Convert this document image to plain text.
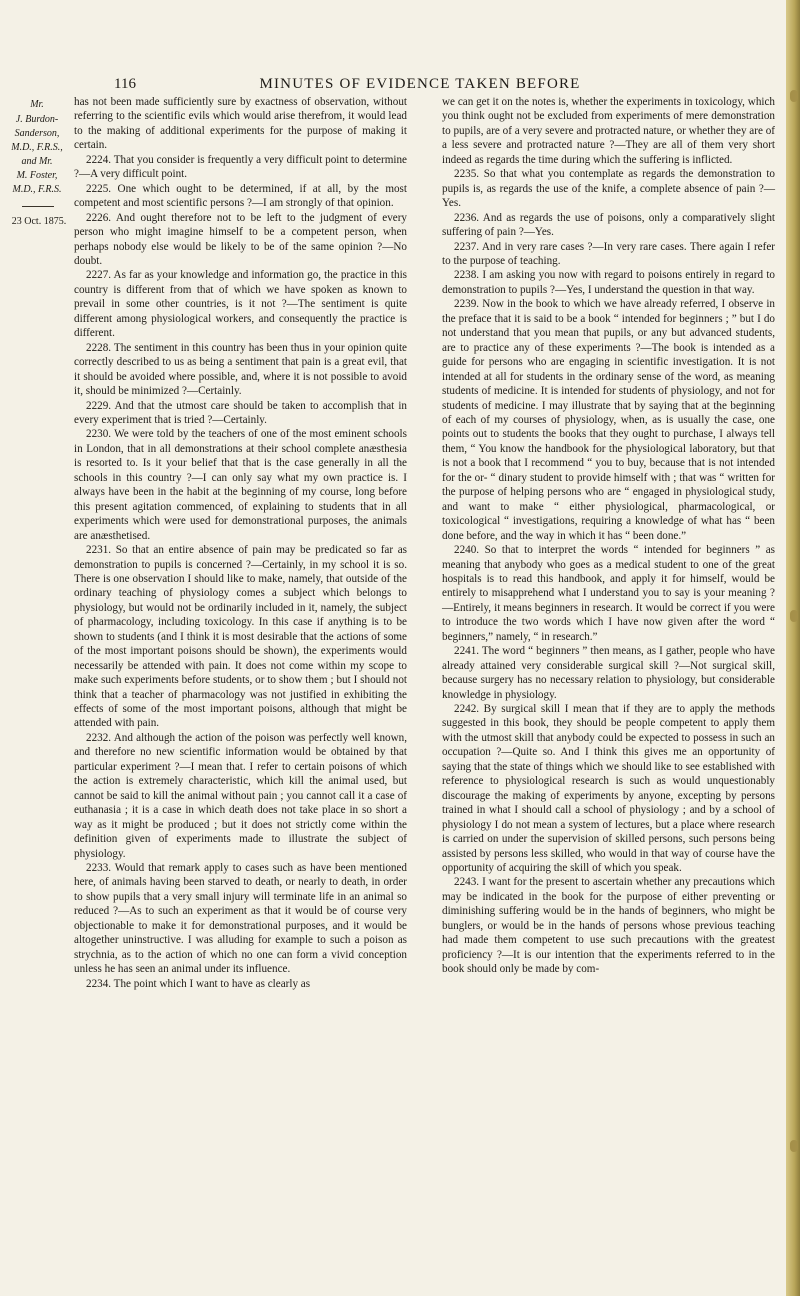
116	MINUTES OF EVIDENCE TAKEN BEFORE
Mr.
J. Burdon-
Sanderson,
M.D., F.R.S.,
and Mr.
M. Foster,
M.D., F.R.S.
23 Oct. 1875.

has not been made sufficiently sure by exactness of observation, without referring to the scientific evils which would arise therefrom, it would lead to the making of additional experiments for the purpose of making it certain.

2224. That you consider is frequently a very difficult point to determine ?—A very difficult point.

2225. One which ought to be determined, if at all, by the most competent and most scientific persons ?—I am strongly of that opinion.

2226. And ought therefore not to be left to the judgment of every person who might imagine himself to be a competent person, when perhaps nobody else would be likely to be of the same opinion ?—No doubt.

2227. As far as your knowledge and information go, the practice in this country is different from that of which we have spoken as known to prevail in some other countries, is it not ?—The sentiment is quite different among physiological workers, and consequently the practice is different.

2228. The sentiment in this country has been thus in your opinion quite correctly described to us as being a sentiment that pain is a great evil, that it should be avoided where possible, and, where it is not possible to avoid it, should be minimized ?—Certainly.

2229. And that the utmost care should be taken to accomplish that in every experiment that is tried ?—Certainly.

2230. We were told by the teachers of one of the most eminent schools in London, that in all demonstrations at their school complete anæsthesia is resorted to. Is it your belief that that is the case generally in all the schools in this country ?—I can only say what my own practice is. I always have been in the habit at the beginning of my course, long before this present agitation commenced, of explaining to students that in all experiments which were used for demonstrational purposes, the animals are anæsthetised.

2231. So that an entire absence of pain may be predicated so far as demonstration to pupils is concerned ?—Certainly, in my school it is so. There is one observation I should like to make, namely, that outside of the ordinary teaching of physiology comes a subject which belongs to physiology, but would not be ordinarily included in it, namely, the subject of pharmacology, including toxicology. In this case if anything is to be shown to students (and I think it is most desirable that the actions of some of the most important poisons should be shown), the experiments would necessarily be attended with pain. It does not come within my scope to make such experiments before students, or to show them ; but I should not think that a teacher of pharmacology was not justified in exhibiting the effects of some of the most important poisons, although that might be attended with pain.

2232. And although the action of the poison was perfectly well known, and therefore no new scientific information would be obtained by that particular experiment ?—I mean that. I refer to certain poisons of which the action is extremely characteristic, which kill the animal used, but cannot be said to kill the animal without pain ; you cannot call it a case of euthanasia ; it is a case in which death does not take place in so short a way as it might be produced ; but it does not strictly come within the definition given of experiments made to illustrate the subject of physiology.

2233. Would that remark apply to cases such as have been mentioned here, of animals having been starved to death, or nearly to death, in order to show pupils that a very small injury will terminate life in an animal so reduced ?—As to such an experiment as that it would be of course very objectionable to make it for demonstrational purposes, and it would be altogether uninstructive. I was alluding for example to such a poison as strychnia, as to the action of which no one can form a vivid conception unless he has seen an animal under its influence.

2234. The point which I want to have as clearly as

we can get it on the notes is, whether the experiments in toxicology, which you think ought not be excluded from experiments of mere demonstration to pupils, are of a very severe and protracted nature, or whether they are of a less severe and protracted nature ?—They are all of them very short indeed as regards the time during which the suffering is inflicted.

2235. So that what you contemplate as regards the demonstration to pupils is, as regards the use of the knife, a complete absence of pain ?—Yes.

2236. And as regards the use of poisons, only a comparatively slight suffering of pain ?—Yes.

2237. And in very rare cases ?—In very rare cases. There again I refer to the purpose of teaching.

2238. I am asking you now with regard to poisons entirely in regard to demonstration to pupils ?—Yes, I understand the question in that way.

2239. Now in the book to which we have already referred, I observe in the preface that it is said to be a book “ intended for beginners ; ” but I do not understand that you mean that pupils, or any but advanced students, are to practice any of these experiments ?—The book is intended as a guide for persons who are engaging in scientific investigation. It is not intended at all for students in the ordinary sense of the word, as meaning students of medicine. It is intended for students of physiology, and not for students of medicine. I may illustrate that by saying that at the beginning of each of my courses of physiology, when, as is usually the case, one points out to students the books that they ought to purchase, I always tell them, “ You know the handbook for the physiological laboratory, but that is not a book that I recommend “ you to buy, because that is not intended for the or- “ dinary student to provide himself with ; that was “ written for the purpose of helping persons who are “ engaged in physiological study, and want to make “ either physiological, pharmacological, or toxicological “ investigations, requiring a knowledge of what has “ been done before, and the way in which it has “ been done.”

2240. So that to interpret the words “ intended for beginners ” as meaning that anybody who goes as a medical student to one of the great hospitals is to read this handbook, and apply it for himself, would be entirely to misapprehend what I understand you to say is your meaning ?—Entirely, it means beginners in research. It would be correct if you were to introduce the two words which I have now given after the word “ beginners,” namely, “ in research.”

2241. The word “ beginners ” then means, as I gather, people who have already attained very considerable surgical skill ?—Not surgical skill, because surgery has no necessary relation to physiology, but considerable knowledge in physiology.

2242. By surgical skill I mean that if they are to apply the methods suggested in this book, they should be people competent to apply them with the utmost skill that anybody could be expected to possess in such an occupation ?—Quite so. And I think this gives me an opportunity of saying that the state of things which we should like to see established with reference to physiological research is such as would unquestionably discourage the making of experiments by anyone, excepting by persons trained in what I should call a school of physiology ; and by a school of physiology I do not mean a system of lectures, but a place where research is carried on under the supervision of skilled persons, such persons being assisted by persons less skilled, who would in that way of course have the opportunity of acquiring the skill of which you speak.

2243. I want for the present to ascertain whether any precautions which may be indicated in the book for the purpose of either preventing or diminishing suffering would be in the hands of beginners, who might be bunglers, or would be in the hands of persons whose previous teaching had made them competent to use such precautions with the greatest proficiency ?—It is our intention that the experiments referred to in the book should only be made by com-
